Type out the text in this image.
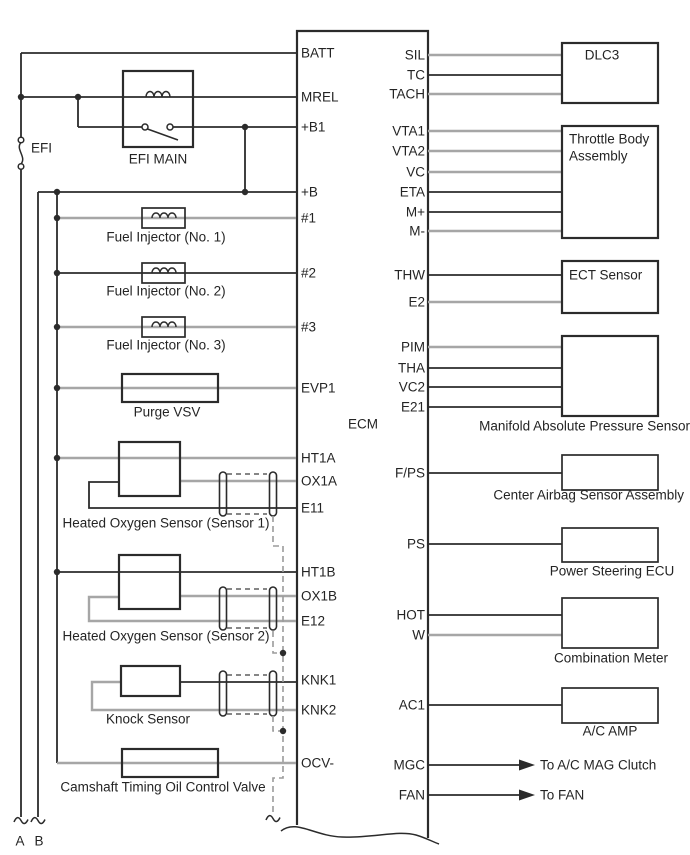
BATT
MREL
+B1
+B
#1
#2
#3
EVP1
HT1A
OX1A
E11
HT1B
OX1B
E12
KNK1
KNK2
OCV-
SIL
TC
TACH
VTA1
VTA2
VC
ETA
M+
M-
THW
E2
PIM
THA
VC2
E21
F/PS
PS
HOT
W
AC1
MGC
FAN
ECM
EFI
EFI MAIN
Fuel Injector (No. 1)
Fuel Injector (No. 2)
Fuel Injector (No. 3)
Purge VSV
Heated Oxygen Sensor (Sensor 1)
Heated Oxygen Sensor (Sensor 2)
Knock Sensor
Camshaft Timing Oil Control Valve
DLC3
Throttle Body
Assembly
ECT Sensor
Manifold Absolute Pressure Sensor
Center Airbag Sensor Assembly
Power Steering ECU
Combination Meter
A/C AMP
To A/C MAG Clutch
To FAN
A B
